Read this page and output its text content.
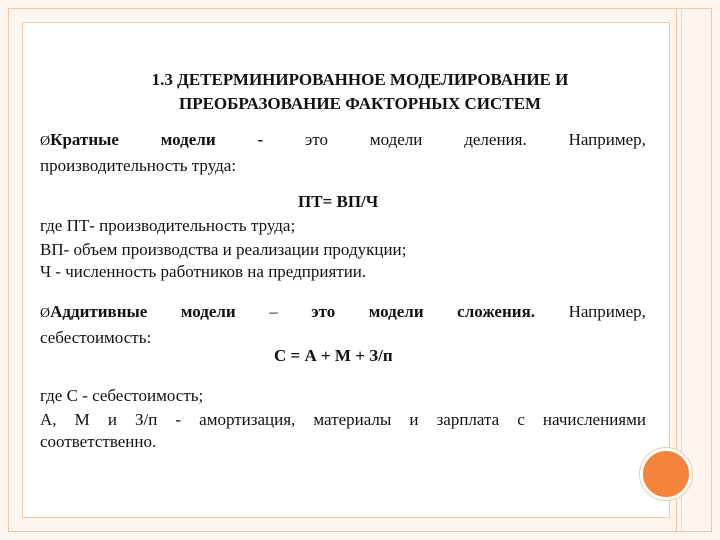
1.3 ДЕТЕРМИНИРОВАННОЕ МОДЕЛИРОВАНИЕ И
ПРЕОБРАЗОВАНИЕ ФАКТОРНЫХ СИСТЕМ
ØКратные модели - это модели деления. Например,
производительность труда:
ПТ= ВП/Ч
где ПТ- производительность труда;
ВП- объем производства и реализации продукции;
Ч - численность работников на предприятии.
ØАддитивные модели – это модели сложения. Например,
себестоимость:
С = А + М + З/п
где С - себестоимость;
А, М и З/п - амортизация, материалы и зарплата с начислениями
соответственно.
